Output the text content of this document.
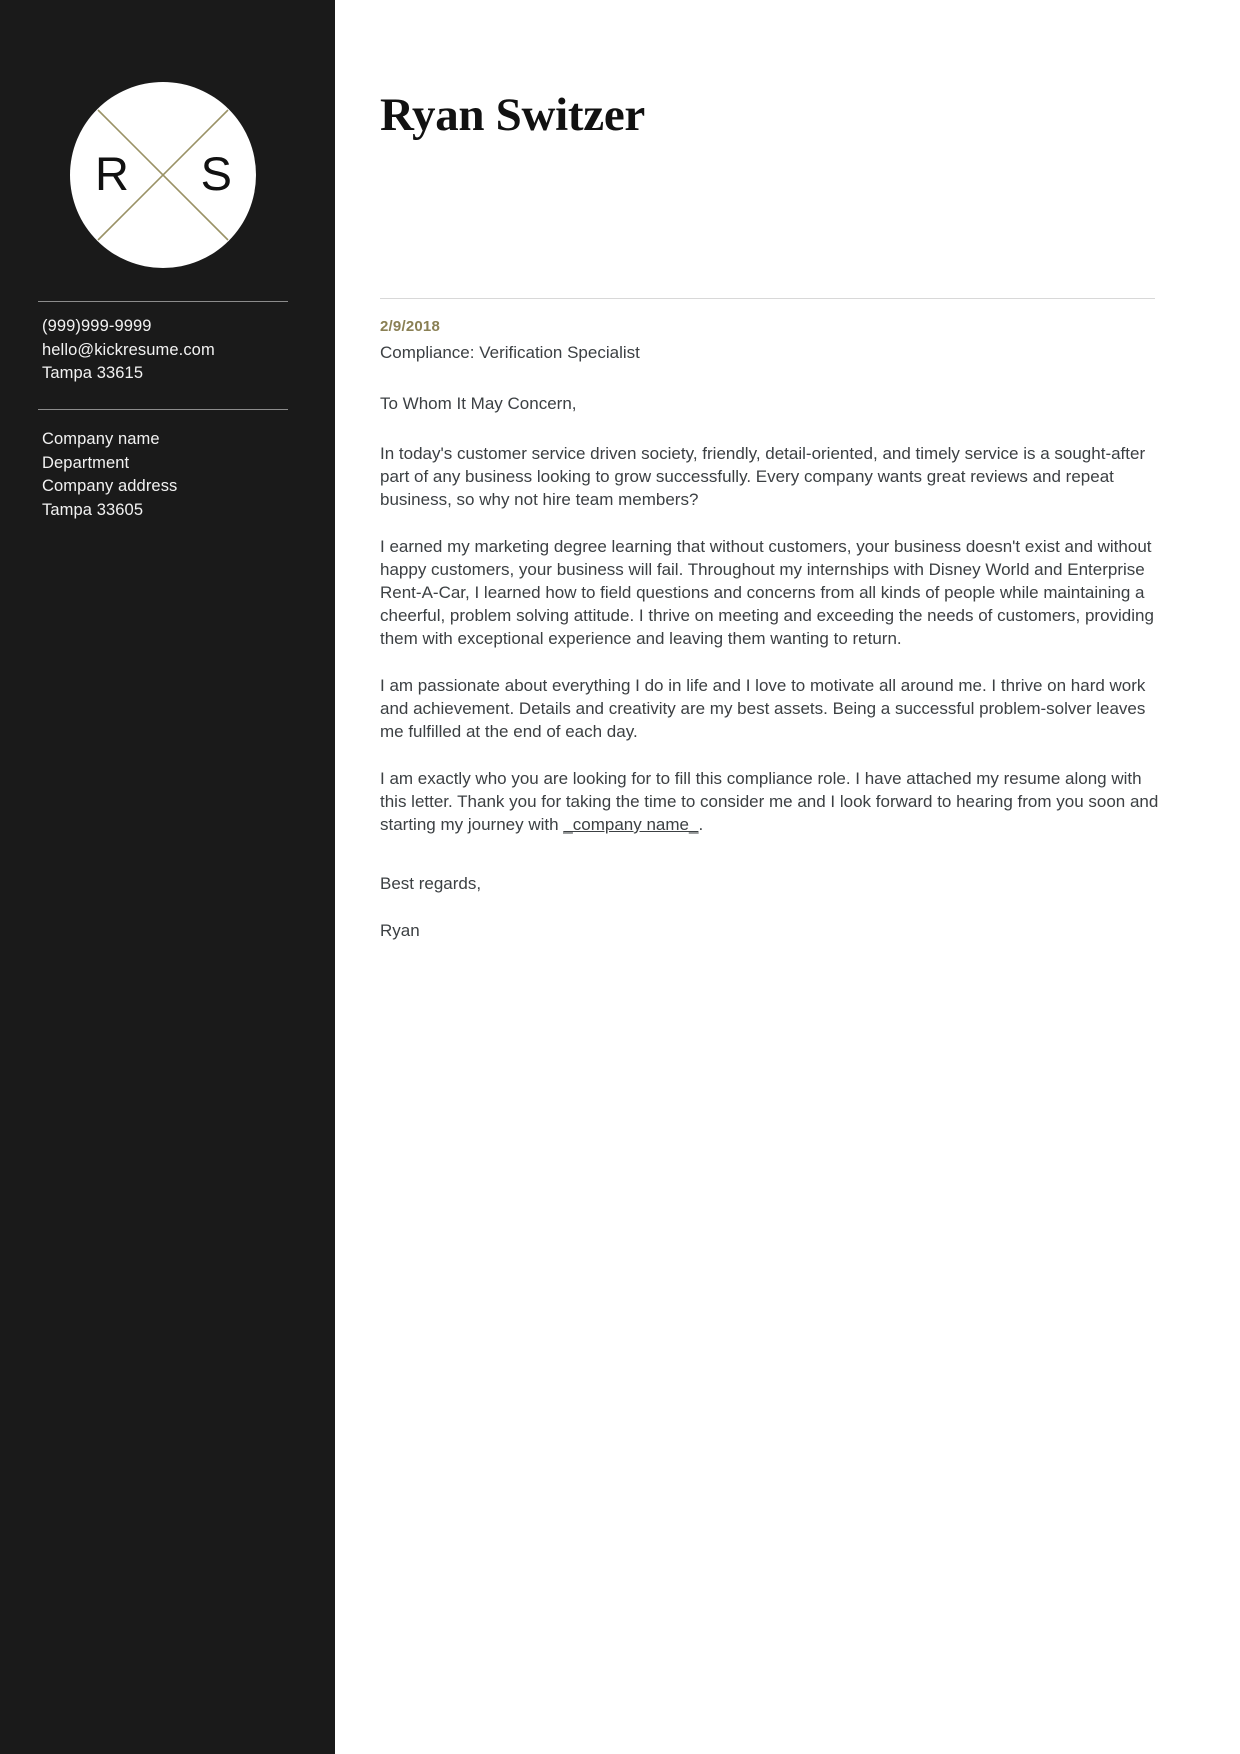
R S
(999)999-9999
hello@kickresume.com
Tampa 33615
Company name
Department
Company address
Tampa 33605
Ryan Switzer
2/9/2018
Compliance: Verification Specialist
To Whom It May Concern,

In today's customer service driven society, friendly, detail-oriented, and timely service is a sought-after part of any business looking to grow successfully. Every company wants great reviews and repeat business, so why not hire team members?

I earned my marketing degree learning that without customers, your business doesn't exist and without happy customers, your business will fail. Throughout my internships with Disney World and Enterprise Rent-A-Car, I learned how to field questions and concerns from all kinds of people while maintaining a cheerful, problem solving attitude. I thrive on meeting and exceeding the needs of customers, providing them with exceptional experience and leaving them wanting to return.

I am passionate about everything I do in life and I love to motivate all around me. I thrive on hard work and achievement. Details and creativity are my best assets. Being a successful problem-solver leaves me fulfilled at the end of each day.

I am exactly who you are looking for to fill this compliance role. I have attached my resume along with this letter. Thank you for taking the time to consider me and I look forward to hearing from you soon and starting my journey with _company name_.

Best regards,
Ryan
